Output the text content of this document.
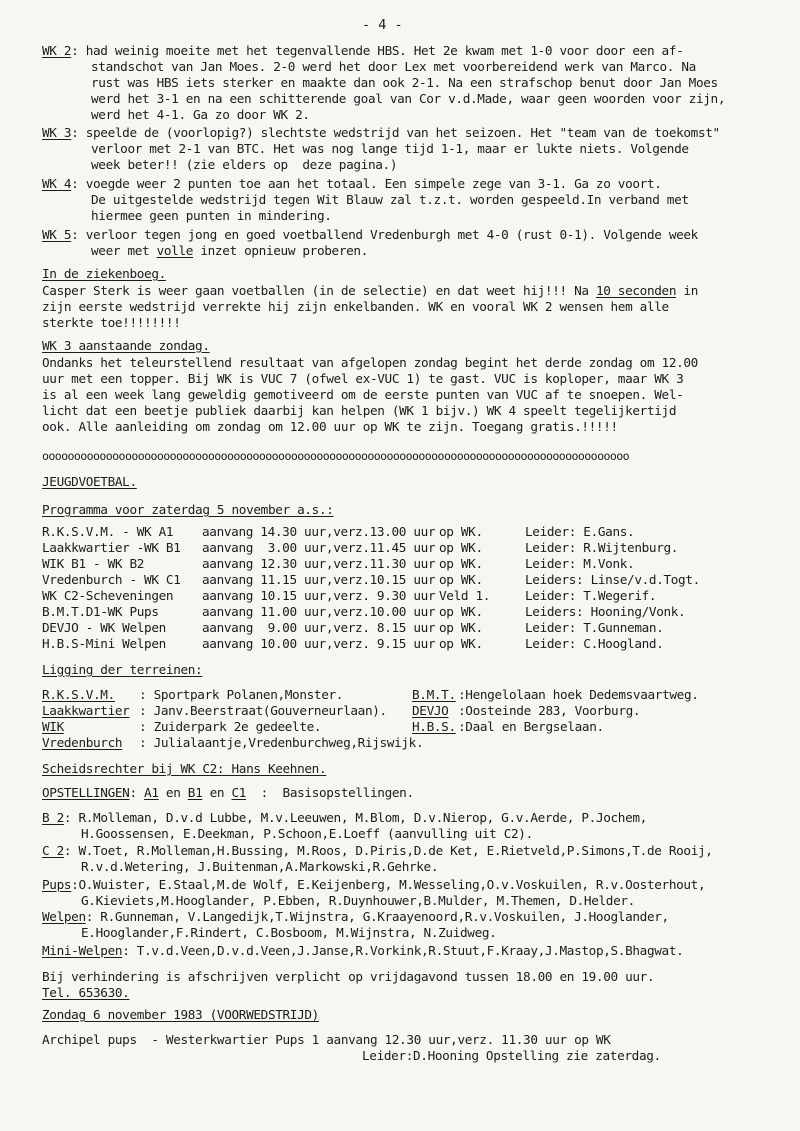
- 4 -
WK 2: had weinig moeite met het tegenvallende HBS. Het 2e kwam met 1-0 voor door een af-
standschot van Jan Moes. 2-0 werd het door Lex met voorbereidend werk van Marco. Na
rust was HBS iets sterker en maakte dan ook 2-1. Na een strafschop benut door Jan Moes
werd het 3-1 en na een schitterende goal van Cor v.d.Made, waar geen woorden voor zijn,
werd het 4-1. Ga zo door WK 2.
WK 3: speelde de (voorlopig?) slechtste wedstrijd van het seizoen. Het "team van de toekomst"
verloor met 2-1 van BTC. Het was nog lange tijd 1-1, maar er lukte niets. Volgende
week beter!! (zie elders op  deze pagina.)
WK 4: voegde weer 2 punten toe aan het totaal. Een simpele zege van 3-1. Ga zo voort.
De uitgestelde wedstrijd tegen Wit Blauw zal t.z.t. worden gespeeld.In verband met
hiermee geen punten in mindering.
WK 5: verloor tegen jong en goed voetballend Vredenburgh met 4-0 (rust 0-1). Volgende week
weer met volle inzet opnieuw proberen.
In de ziekenboeg.
Casper Sterk is weer gaan voetballen (in de selectie) en dat weet hij!!! Na 10 seconden in
zijn eerste wedstrijd verrekte hij zijn enkelbanden. WK en vooral WK 2 wensen hem alle
sterkte toe!!!!!!!!
WK 3 aanstaande zondag.
Ondanks het teleurstellend resultaat van afgelopen zondag begint het derde zondag om 12.00
uur met een topper. Bij WK is VUC 7 (ofwel ex-VUC 1) te gast. VUC is koploper, maar WK 3
is al een week lang geweldig gemotiveerd om de eerste punten van VUC af te snoepen. Wel-
licht dat een beetje publiek daarbij kan helpen (WK 1 bijv.) WK 4 speelt tegelijkertijd
ook. Alle aanleiding om zondag om 12.00 uur op WK te zijn. Toegang gratis.!!!!!
oooooooooooooooooooooooooooooooooooooooooooooooooooooooooooooooooooooooooooooooooooooooooooo
JEUGDVOETBAL.
Programma voor zaterdag 5 november a.s.:
R.K.S.V.M. - WK A1 aanvang 14.30 uur,verz.13.00 uur op WK.	Leider: E.Gans.
Laakkwartier -WK B1 aanvang  3.00 uur,verz.11.45 uur op WK.	Leider: R.Wijtenburg.
WIK B1 - WK B2	aanvang 12.30 uur,verz.11.30 uur op WK.	Leider: M.Vonk.
Vredenburch - WK C1 aanvang 11.15 uur,verz.10.15 uur op WK.	Leiders: Linse/v.d.Togt.
WK C2-Scheveningen aanvang 10.15 uur,verz. 9.30 uur Veld 1.	Leider: T.Wegerif.
B.M.T.D1-WK Pups	aanvang 11.00 uur,verz.10.00 uur op WK.	Leiders: Hooning/Vonk.
DEVJO - WK Welpen	aanvang  9.00 uur,verz. 8.15 uur op WK.	Leider: T.Gunneman.
H.B.S-Mini Welpen	aanvang 10.00 uur,verz. 9.15 uur op WK.	Leider: C.Hoogland.
Ligging der terreinen:
R.K.S.V.M. : Sportpark Polanen,Monster.	B.M.T. :Hengelolaan hoek Dedemsvaartweg.
Laakkwartier : Janv.Beerstraat(Gouverneurlaan). DEVJO :Oosteinde 283, Voorburg.
WIK	: Zuiderpark 2e gedeelte.	H.B.S. :Daal en Bergselaan.
Vredenburch : Julialaantje,Vredenburchweg,Rijswijk.
Scheidsrechter bij WK C2: Hans Keehnen.
OPSTELLINGEN: A1 en B1 en C1  :  Basisopstellingen.
B 2: R.Molleman, D.v.d Lubbe, M.v.Leeuwen, M.Blom, D.v.Nierop, G.v.Aerde, P.Jochem,
H.Goossensen, E.Deekman, P.Schoon,E.Loeff (aanvulling uit C2).
C 2: W.Toet, R.Molleman,H.Bussing, M.Roos, D.Piris,D.de Ket, E.Rietveld,P.Simons,T.de Rooij,
R.v.d.Wetering, J.Buitenman,A.Markowski,R.Gehrke.
Pups:O.Wuister, E.Staal,M.de Wolf, E.Keijenberg, M.Wesseling,O.v.Voskuilen, R.v.Oosterhout,
G.Kieviets,M.Hooglander, P.Ebben, R.Duynhouwer,B.Mulder, M.Themen, D.Helder.
Welpen: R.Gunneman, V.Langedijk,T.Wijnstra, G.Kraayenoord,R.v.Voskuilen, J.Hooglander,
E.Hooglander,F.Rindert, C.Bosboom, M.Wijnstra, N.Zuidweg.
Mini-Welpen: T.v.d.Veen,D.v.d.Veen,J.Janse,R.Vorkink,R.Stuut,F.Kraay,J.Mastop,S.Bhagwat.
Bij verhindering is afschrijven verplicht op vrijdagavond tussen 18.00 en 19.00 uur.
Tel. 653630.
Zondag 6 november 1983 (VOORWEDSTRIJD)
Archipel pups  - Westerkwartier Pups 1 aanvang 12.30 uur,verz. 11.30 uur op WK
Leider:D.Hooning Opstelling zie zaterdag.
